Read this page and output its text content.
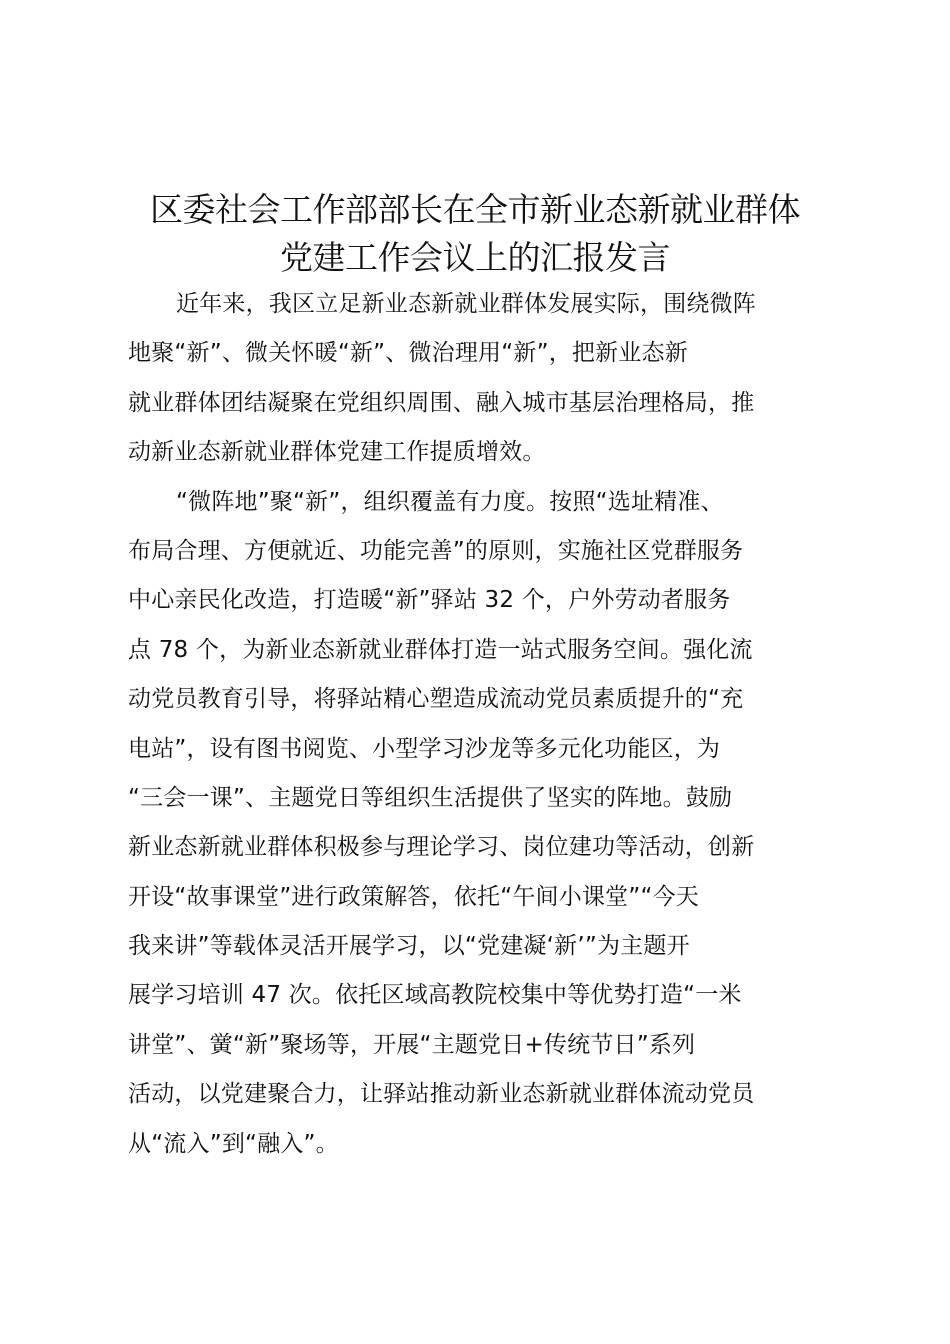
区委社会工作部部长在全市新业态新就业群体
党建工作会议上的汇报发言
近年来，我区立足新业态新就业群体发展实际，围绕微阵
地聚“新”、微关怀暖“新”、微治理用“新”，把新业态新
就业群体团结凝聚在党组织周围、融入城市基层治理格局，推
动新业态新就业群体党建工作提质增效。
“微阵地”聚“新”，组织覆盖有力度。按照“选址精准、
布局合理、方便就近、功能完善”的原则，实施社区党群服务
中心亲民化改造，打造暖“新”驿站 32 个，户外劳动者服务
点 78 个，为新业态新就业群体打造一站式服务空间。强化流
动党员教育引导，将驿站精心塑造成流动党员素质提升的“充
电站”，设有图书阅览、小型学习沙龙等多元化功能区，为
“三会一课”、主题党日等组织生活提供了坚实的阵地。鼓励
新业态新就业群体积极参与理论学习、岗位建功等活动，创新
开设“故事课堂”进行政策解答，依托“午间小课堂”“今天
我来讲”等载体灵活开展学习，以“党建凝‘新’”为主题开
展学习培训 47 次。依托区域高教院校集中等优势打造“一米
讲堂”、黉“新”聚场等，开展“主题党日+传统节日”系列
活动，以党建聚合力，让驿站推动新业态新就业群体流动党员
从“流入”到“融入”。
